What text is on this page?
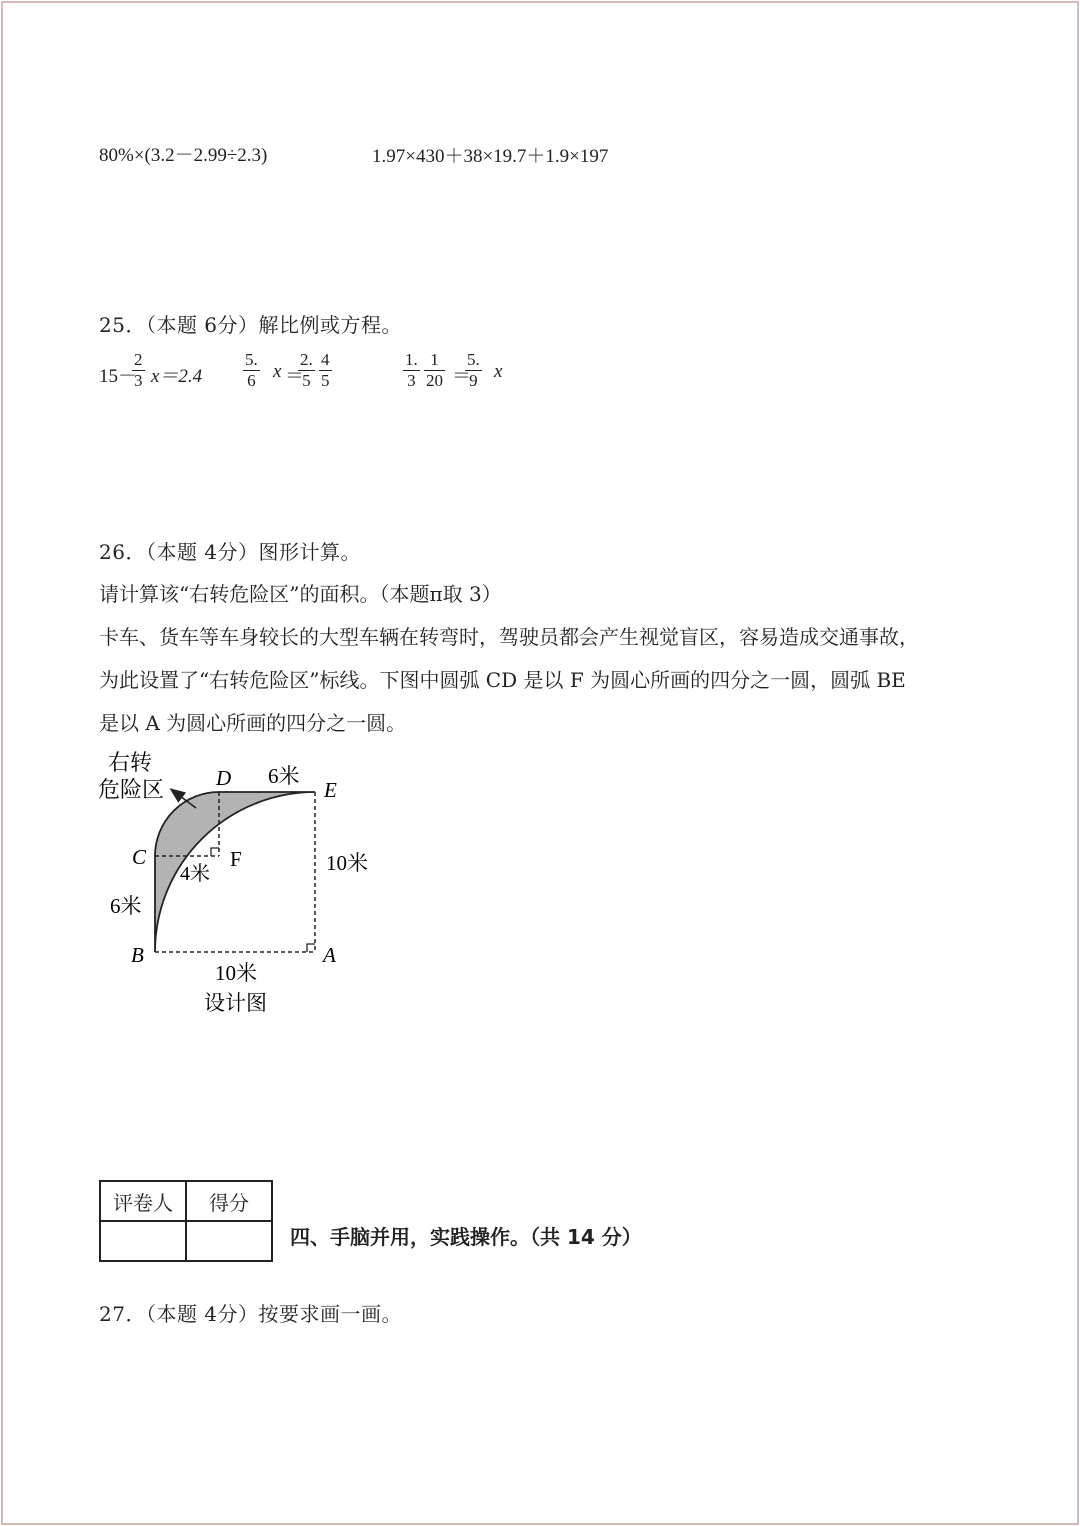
80%×(3.2－2.99÷2.3)	1.97×430＋38×19.7＋1.9×197
25．（本题 6分）解比例或方程。
15－
$\frac{2}{3} x=2.4 \frac{5.}{6}$ x ＝
$\frac{2.}{5} \frac{4}{5}$	$\frac{1.}{3} \frac{1}{20}$ ＝
$\frac{5.}{9}$ x
26．（本题 4分）图形计算。
请计算该“右转危险区”的面积。（本题π取 3）
卡车、货车等车身较长的大型车辆在转弯时，驾驶员都会产生视觉盲区，容易造成交通事故，
为此设置了“右转危险区”标线。下图中圆弧 CD 是以 F 为圆心所画的四分之一圆，圆弧 BE
是以 A 为圆心所画的四分之一圆。
右转
危险区 D 6米
E
C	F
4米	10米
6米
B	A
10米
设计图
评卷人	得分

四、手脑并用，实践操作。（共 14 分）
27．（本题 4分）按要求画一画。
